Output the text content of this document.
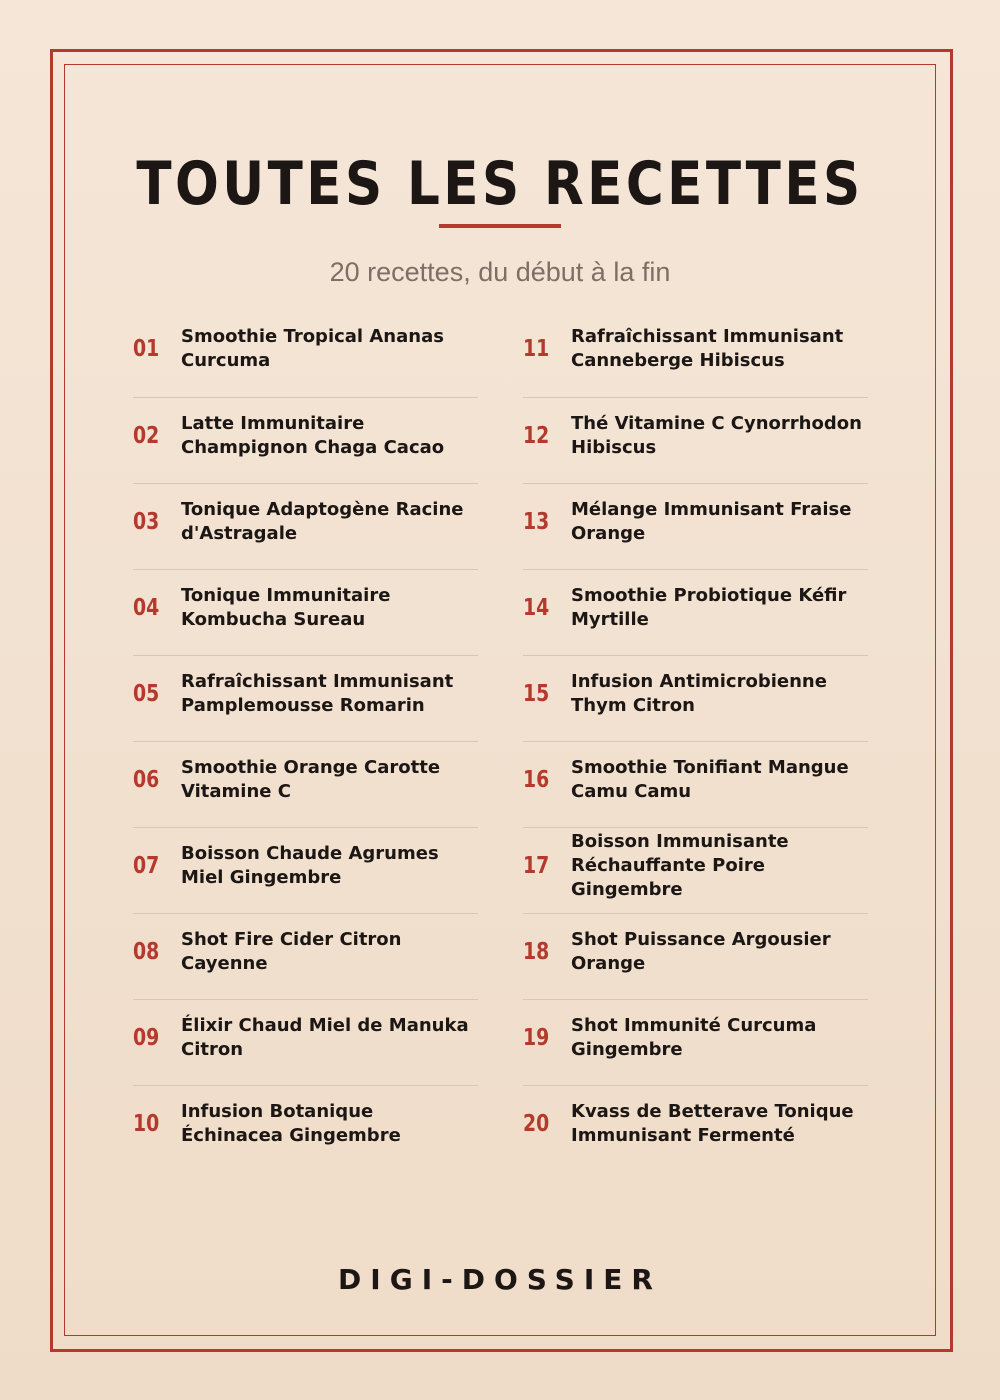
TOUTES LES RECETTES
20 recettes, du début à la fin
01 Smoothie Tropical Ananas Curcuma
02 Latte Immunitaire Champignon Chaga Cacao
03 Tonique Adaptogène Racine d'Astragale
04 Tonique Immunitaire Kombucha Sureau
05 Rafraîchissant Immunisant Pamplemousse Romarin
06 Smoothie Orange Carotte Vitamine C
07 Boisson Chaude Agrumes Miel Gingembre
08 Shot Fire Cider Citron Cayenne
09 Élixir Chaud Miel de Manuka Citron
10 Infusion Botanique Échinacea Gingembre
11 Rafraîchissant Immunisant Canneberge Hibiscus
12 Thé Vitamine C Cynorrhodon Hibiscus
13 Mélange Immunisant Fraise Orange
14 Smoothie Probiotique Kéfir Myrtille
15 Infusion Antimicrobienne Thym Citron
16 Smoothie Tonifiant Mangue Camu Camu
17
Boisson Immunisante Réchauffante Poire Gingembre
18 Shot Puissance Argousier Orange
19 Shot Immunité Curcuma Gingembre
20 Kvass de Betterave Tonique Immunisant Fermenté
DIGI-DOSSIER
